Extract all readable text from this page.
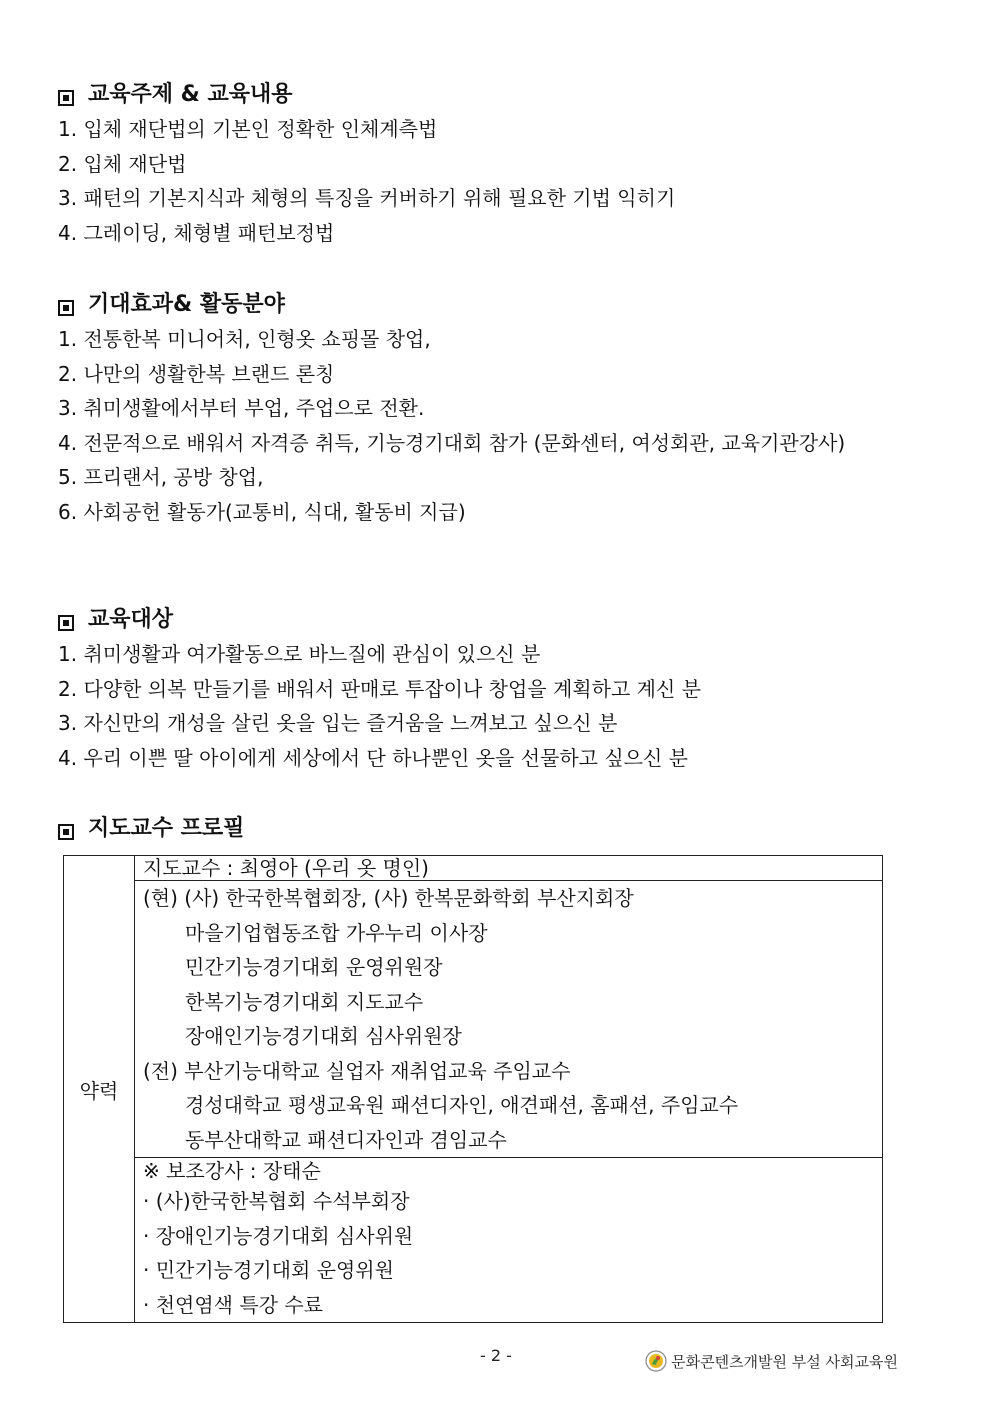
교육주제 & 교육내용
1. 입체 재단법의 기본인 정확한 인체계측법
2. 입체 재단법
3. 패턴의 기본지식과 체형의 특징을 커버하기 위해 필요한 기법 익히기
4. 그레이딩, 체형별 패턴보정법
기대효과& 활동분야
1. 전통한복 미니어처, 인형옷 쇼핑몰 창업,
2. 나만의 생활한복 브랜드 론칭
3. 취미생활에서부터 부업, 주업으로 전환.
4. 전문적으로 배워서 자격증 취득, 기능경기대회 참가 (문화센터, 여성회관, 교육기관강사)
5. 프리랜서, 공방 창업,
6. 사회공헌 활동가(교통비, 식대, 활동비 지급)
교육대상
1. 취미생활과 여가활동으로 바느질에 관심이 있으신 분
2. 다양한 의복 만들기를 배워서 판매로 투잡이나 창업을 계획하고 계신 분
3. 자신만의 개성을 살린 옷을 입는 즐거움을 느껴보고 싶으신 분
4. 우리 이쁜 딸 아이에게 세상에서 단 하나뿐인 옷을 선물하고 싶으신 분
지도교수 프로필
약력	
지도교수 : 최영아 (우리 옷 명인)

(현) (사) 한국한복협회장, (사) 한복문화학회 부산지회장
마을기업협동조합 가우누리 이사장
민간기능경기대회 운영위원장
한복기능경기대회 지도교수
장애인기능경기대회 심사위원장
(전) 부산기능대학교 실업자 재취업교육 주임교수
경성대학교 평생교육원 패션디자인, 애견패션, 홈패션, 주임교수
동부산대학교 패션디자인과 겸임교수

※ 보조강사 : 장태순
· (사)한국한복협회 수석부회장
· 장애인기능경기대회 심사위원
· 민간기능경기대회 운영위원
· 천연염색 특강 수료
- 2 -	문화콘텐츠개발원 부설 사회교육원
